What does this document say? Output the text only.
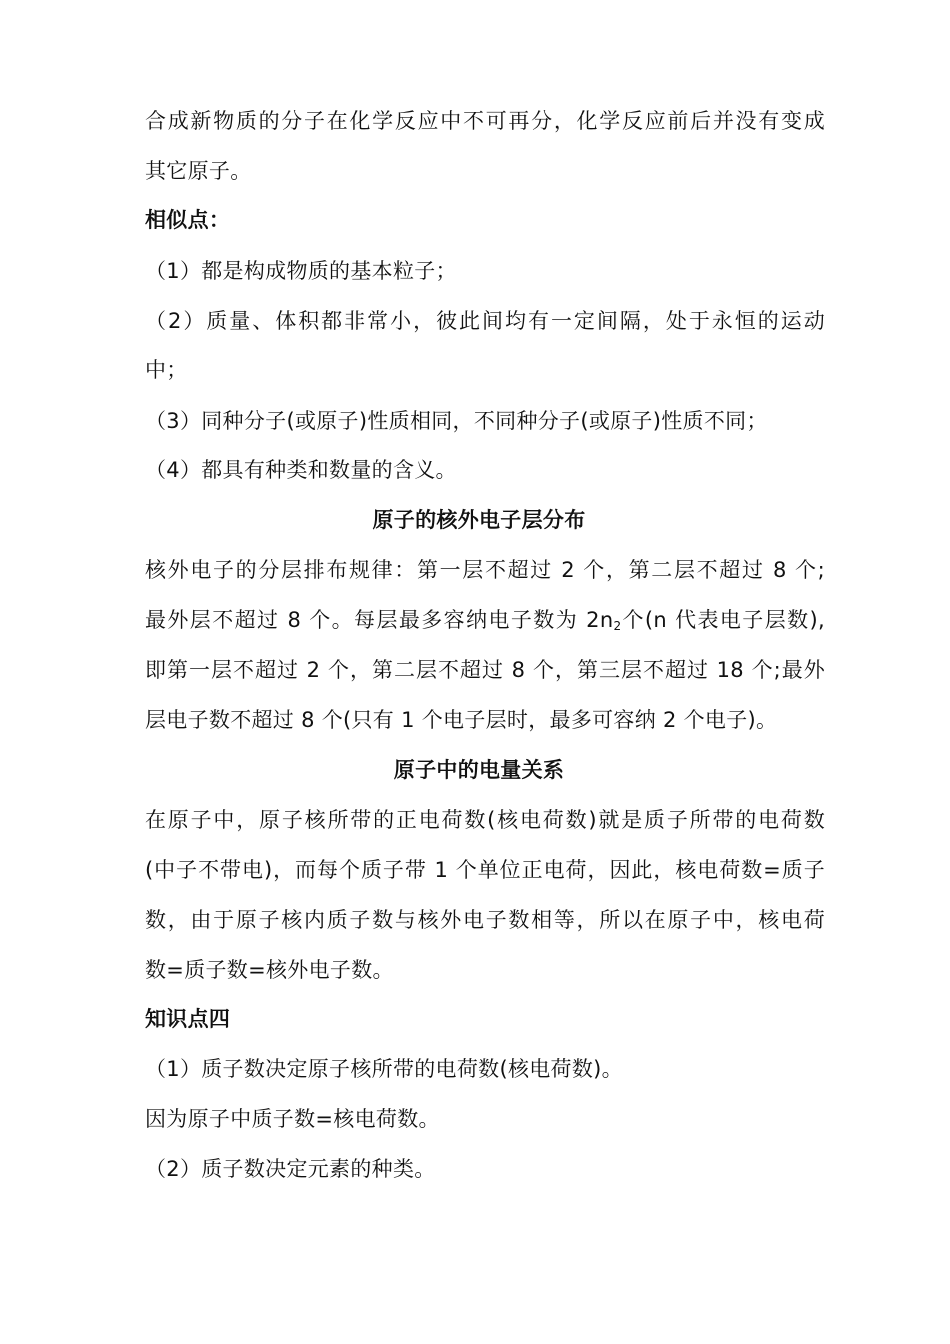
合成新物质的分子在化学反应中不可再分，化学反应前后并没有变成
其它原子。
相似点：
（1）都是构成物质的基本粒子；
（2）质量、体积都非常小，彼此间均有一定间隔，处于永恒的运动
中；
（3）同种分子(或原子)性质相同，不同种分子(或原子)性质不同；
（4）都具有种类和数量的含义。
原子的核外电子层分布
核外电子的分层排布规律：第一层不超过 2 个，第二层不超过 8 个;
最外层不超过 8 个。每层最多容纳电子数为 $2n_2$个(n 代表电子层数),
即第一层不超过 2 个，第二层不超过 8 个，第三层不超过 18 个;最外
层电子数不超过 8 个(只有 1 个电子层时，最多可容纳 2 个电子)。
原子中的电量关系
在原子中，原子核所带的正电荷数(核电荷数)就是质子所带的电荷数
(中子不带电)，而每个质子带 1 个单位正电荷，因此，核电荷数=质子
数，由于原子核内质子数与核外电子数相等，所以在原子中，核电荷
数=质子数=核外电子数。
知识点四
（1）质子数决定原子核所带的电荷数(核电荷数)。
因为原子中质子数=核电荷数。
（2）质子数决定元素的种类。
